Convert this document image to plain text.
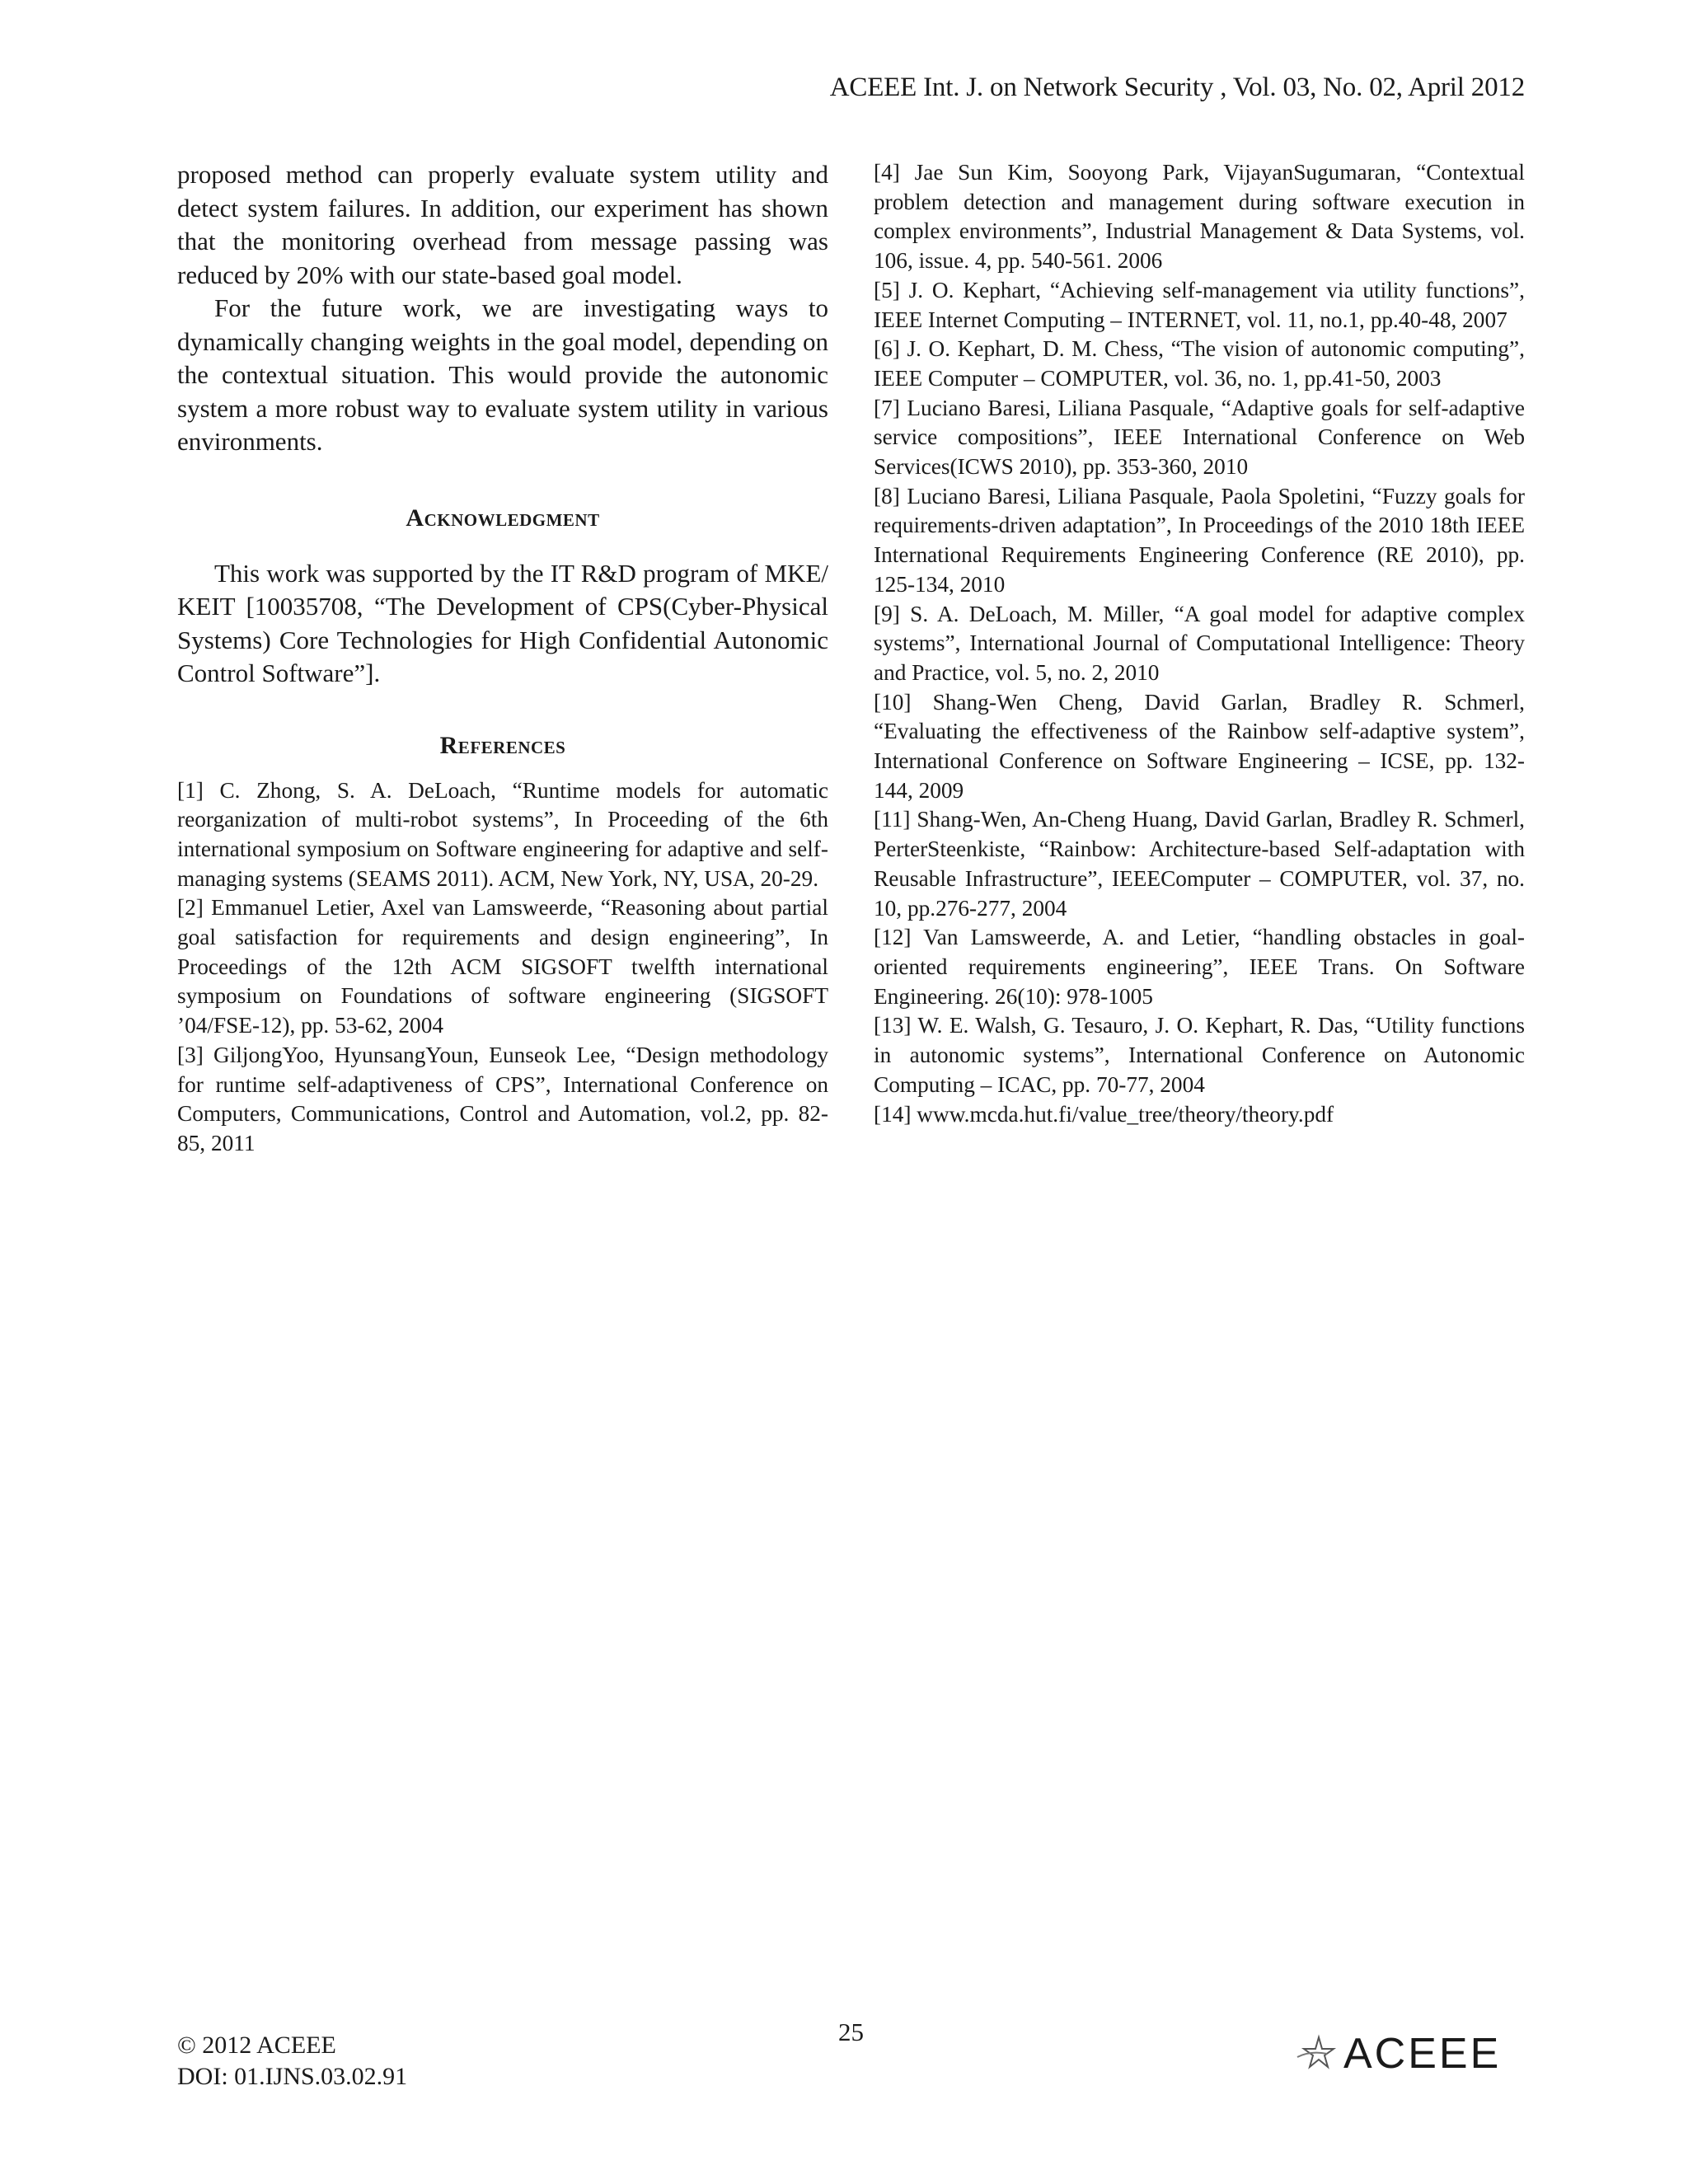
ACEEE Int. J. on Network Security , Vol. 03, No. 02, April 2012

proposed method can properly evaluate system utility and detect system failures. In addition, our experiment has shown that the monitoring overhead from message passing was reduced by 20% with our state-based goal model.

For the future work, we are investigating ways to dynamically changing weights in the goal model, depending on the contextual situation. This would provide the autonomic system a more robust way to evaluate system utility in various environments.

Acknowledgment

This work was supported by the IT R&D program of MKE/ KEIT [10035708, “The Development of CPS(Cyber-Physical Systems) Core Technologies for High Confidential Autonomic Control Software”].

References

[1] C. Zhong, S. A. DeLoach, “Runtime models for automatic reorganization of multi-robot systems”, In Proceeding of the 6th international symposium on Software engineering for adaptive and self-managing systems (SEAMS 2011). ACM, New York, NY, USA, 20-29.

[2] Emmanuel Letier, Axel van Lamsweerde, “Reasoning about partial goal satisfaction for requirements and design engineering”, In Proceedings of the 12th ACM SIGSOFT twelfth international symposium on Foundations of software engineering (SIGSOFT ’04/FSE-12), pp. 53-62, 2004

[3] GiljongYoo, HyunsangYoun, Eunseok Lee, “Design methodology for runtime self-adaptiveness of CPS”, International Conference on Computers, Communications, Control and Automation, vol.2, pp. 82-85, 2011

[4] Jae Sun Kim, Sooyong Park, VijayanSugumaran, “Contextual problem detection and management during software execution in complex environments”, Industrial Management & Data Systems, vol. 106, issue. 4, pp. 540-561. 2006

[5] J. O. Kephart, “Achieving self-management via utility functions”, IEEE Internet Computing – INTERNET, vol. 11, no.1, pp.40-48, 2007

[6] J. O. Kephart, D. M. Chess, “The vision of autonomic computing”, IEEE Computer – COMPUTER, vol. 36, no. 1, pp.41-50, 2003

[7] Luciano Baresi, Liliana Pasquale, “Adaptive goals for self-adaptive service compositions”, IEEE International Conference on Web Services(ICWS 2010), pp. 353-360, 2010

[8] Luciano Baresi, Liliana Pasquale, Paola Spoletini, “Fuzzy goals for requirements-driven adaptation”, In Proceedings of the 2010 18th IEEE International Requirements Engineering Conference (RE 2010), pp. 125-134, 2010

[9] S. A. DeLoach, M. Miller, “A goal model for adaptive complex systems”, International Journal of Computational Intelligence: Theory and Practice, vol. 5, no. 2, 2010

[10] Shang-Wen Cheng, David Garlan, Bradley R. Schmerl, “Evaluating the effectiveness of the Rainbow self-adaptive system”, International Conference on Software Engineering – ICSE, pp. 132-144, 2009

[11] Shang-Wen, An-Cheng Huang, David Garlan, Bradley R. Schmerl, PerterSteenkiste, “Rainbow: Architecture-based Self-adaptation with Reusable Infrastructure”, IEEEComputer – COMPUTER, vol. 37, no. 10, pp.276-277, 2004

[12] Van Lamsweerde, A. and Letier, “handling obstacles in goal-oriented requirements engineering”, IEEE Trans. On Software Engineering. 26(10): 978-1005

[13] W. E. Walsh, G. Tesauro, J. O. Kephart, R. Das, “Utility functions in autonomic systems”, International Conference on Autonomic Computing – ICAC, pp. 70-77, 2004

[14] www.mcda.hut.fi/value_tree/theory/theory.pdf

© 2012 ACEEE
DOI: 01.IJNS.03.02.91
25	ACEEE
